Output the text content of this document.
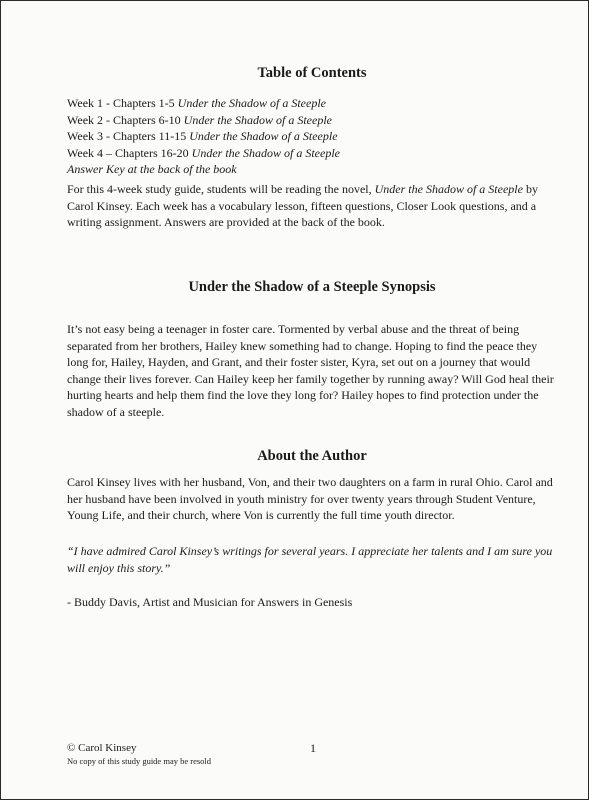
Table of Contents
Week 1 - Chapters 1-5 Under the Shadow of a Steeple
Week 2 - Chapters 6-10 Under the Shadow of a Steeple
Week 3 - Chapters 11-15 Under the Shadow of a Steeple
Week 4 – Chapters 16-20 Under the Shadow of a Steeple
Answer Key at the back of the book
For this 4-week study guide, students will be reading the novel, Under the Shadow of a Steeple by Carol Kinsey. Each week has a vocabulary lesson, fifteen questions, Closer Look questions, and a writing assignment. Answers are provided at the back of the book.
Under the Shadow of a Steeple Synopsis
It’s not easy being a teenager in foster care. Tormented by verbal abuse and the threat of being separated from her brothers, Hailey knew something had to change. Hoping to find the peace they long for, Hailey, Hayden, and Grant, and their foster sister, Kyra, set out on a journey that would change their lives forever. Can Hailey keep her family together by running away? Will God heal their hurting hearts and help them find the love they long for? Hailey hopes to find protection under the shadow of a steeple.
About the Author
Carol Kinsey lives with her husband, Von, and their two daughters on a farm in rural Ohio. Carol and her husband have been involved in youth ministry for over twenty years through Student Venture, Young Life, and their church, where Von is currently the full time youth director.
“I have admired Carol Kinsey’s writings for several years. I appreciate her talents and I am sure you will enjoy this story.”
- Buddy Davis, Artist and Musician for Answers in Genesis
© Carol Kinsey
No copy of this study guide may be resold
1
